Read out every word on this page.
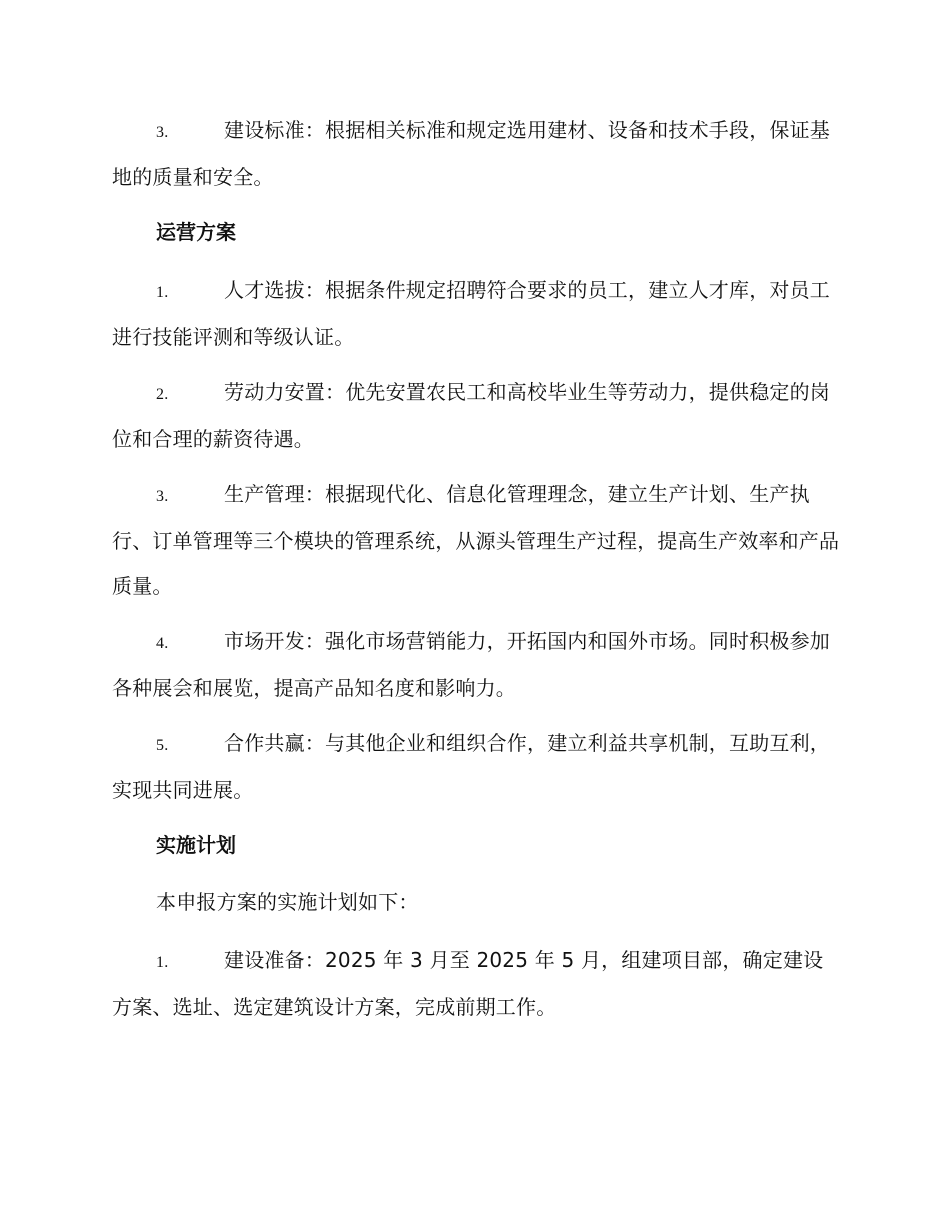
3.	建设标准：根据相关标准和规定选用建材、设备和技术手段，保证基地的质量和安全。
运营方案
1.	人才选拔：根据条件规定招聘符合要求的员工，建立人才库，对员工进行技能评测和等级认证。
2.	劳动力安置：优先安置农民工和高校毕业生等劳动力，提供稳定的岗位和合理的薪资待遇。
3.	生产管理：根据现代化、信息化管理理念，建立生产计划、生产执行、订单管理等三个模块的管理系统，从源头管理生产过程，提高生产效率和产品质量。
4.	市场开发：强化市场营销能力，开拓国内和国外市场。同时积极参加各种展会和展览，提高产品知名度和影响力。
5.	合作共赢：与其他企业和组织合作，建立利益共享机制，互助互利，实现共同进展。
实施计划
本申报方案的实施计划如下：
1.	建设准备：2025 年 3 月至 2025 年 5 月，组建项目部，确定建设方案、选址、选定建筑设计方案，完成前期工作。
